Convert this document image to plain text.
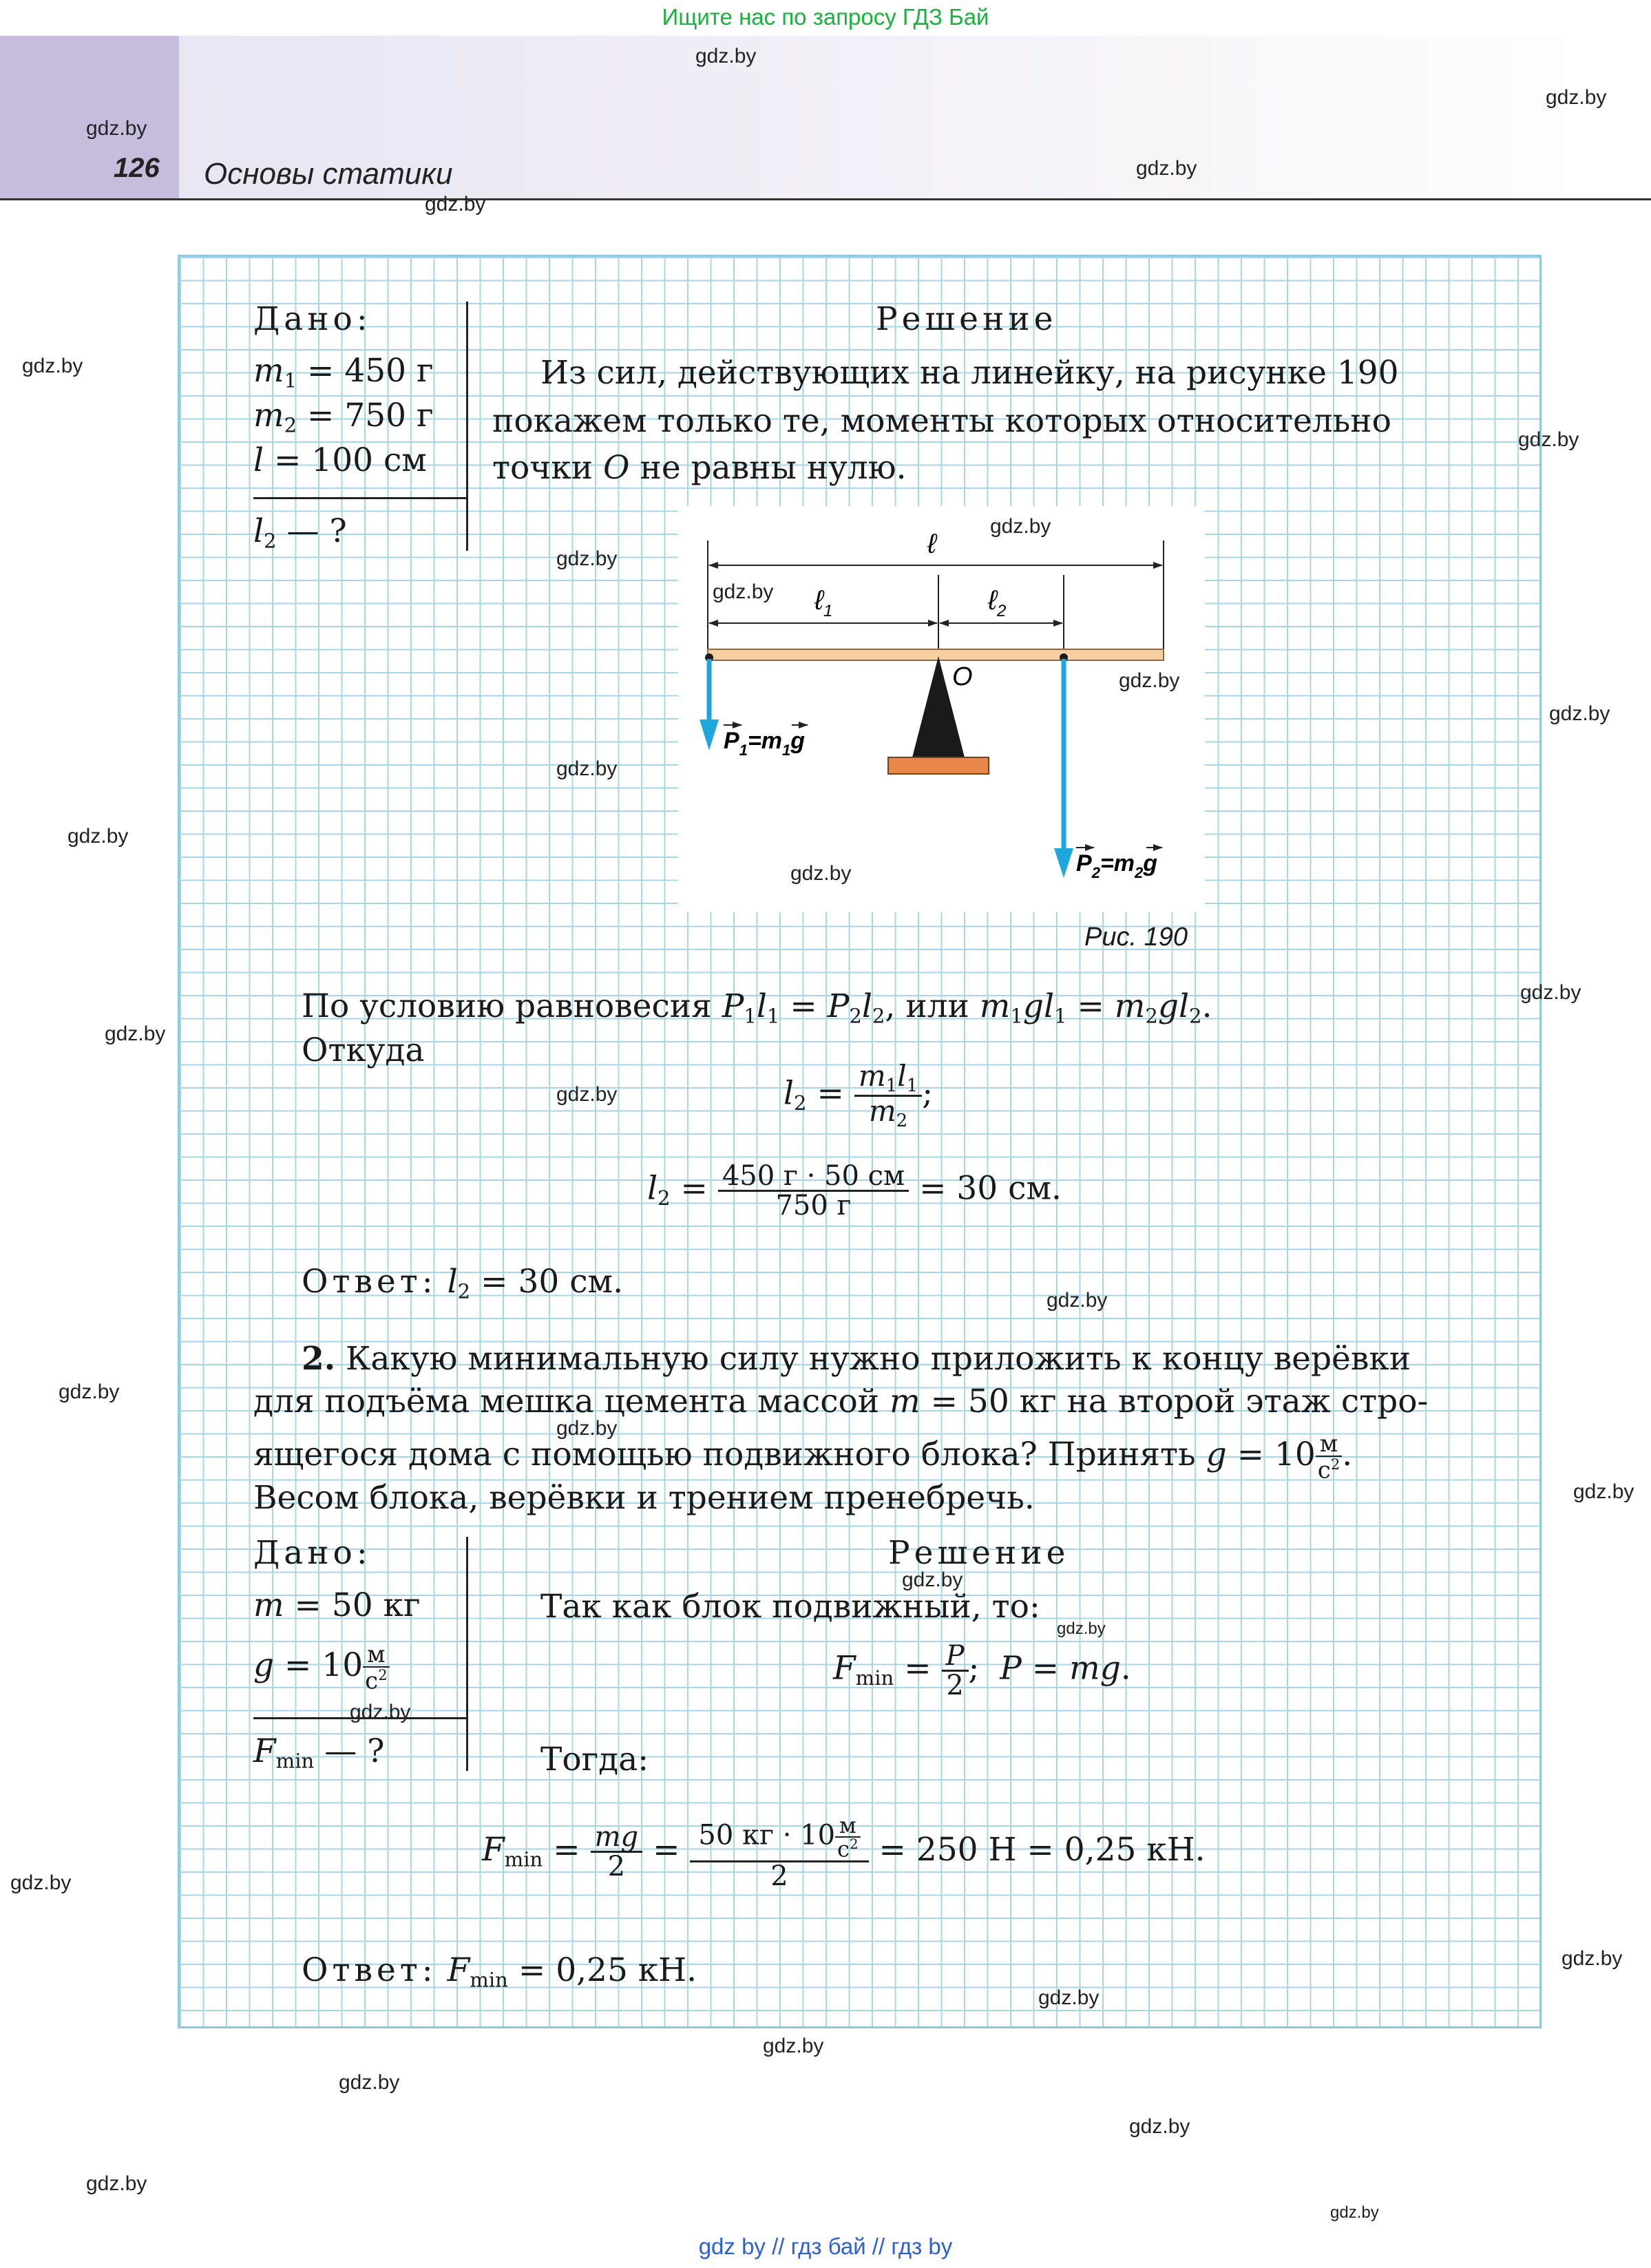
Ищите нас по запросу ГДЗ Бай
126 Основы статики
Дано:
$m_1 = 450$ г
$m_2 = 750$ г
l = 100 см
$l_2$ — ?
Решение
Из сил, действующих на линейку, на рисунке 190
покажем только те, моменты которых относительно
точки O не равны нулю.
ℓ
ℓ$_1$	ℓ$_2$
O
$P_1=m_1g$
$P_2=m_2g$
Рис. 190
По условию равновесия $P_1l_1 = P_2l_2$, или $m_1gl_1 = m_2gl_2$.
Откуда
$l_2 = \frac{m_1l_1}{m_2}$ ;
$l_2 = \frac{450 г \cdot 50 см}{750 г} = 30$ см.
Ответ: $l_2 = 30$ см.
2. Какую минимальную силу нужно приложить к концу верёвки
для подъёма мешка цемента массой m = 50 кг на второй этаж стро-
ящегося дома с помощью подвижного блока? Принять $g = 10 \frac{м}{с^2}$ .
Весом блока, верёвки и трением пренебречь.
Дано:
m = 50 кг
$g = 10 \frac{м}{с^2}$
$F_{min}$ — ?
Решение
Так как блок подвижный, то:
$F_{min} = \frac{P}{2}$ ;  P = mg.
Тогда:
$F_{min} = \frac{mg}{2} = \frac{50 кг \cdot 10 \frac{м}{с^2}}{2} = 250$ Н = 0,25 кН.
Ответ: $F_{min} = 0,25$ кН.
gdz.by
gdz.by
gdz.by
gdz.by
gdz.by
gdz.by
gdz.by
gdz.by
gdz.by
gdz.by
gdz.by
gdz.by
gdz.by
gdz.by
gdz.by
gdz.by
gdz.by
gdz.by
gdz.by
gdz.by
gdz.by
gdz.by
gdz.by
gdz.by
gdz.by
gdz.by
gdz.by
gdz.by
gdz.by
gdz.by
gdz.by
gdz.by
gdz.by
gdz by // гдз бай // гдз by
